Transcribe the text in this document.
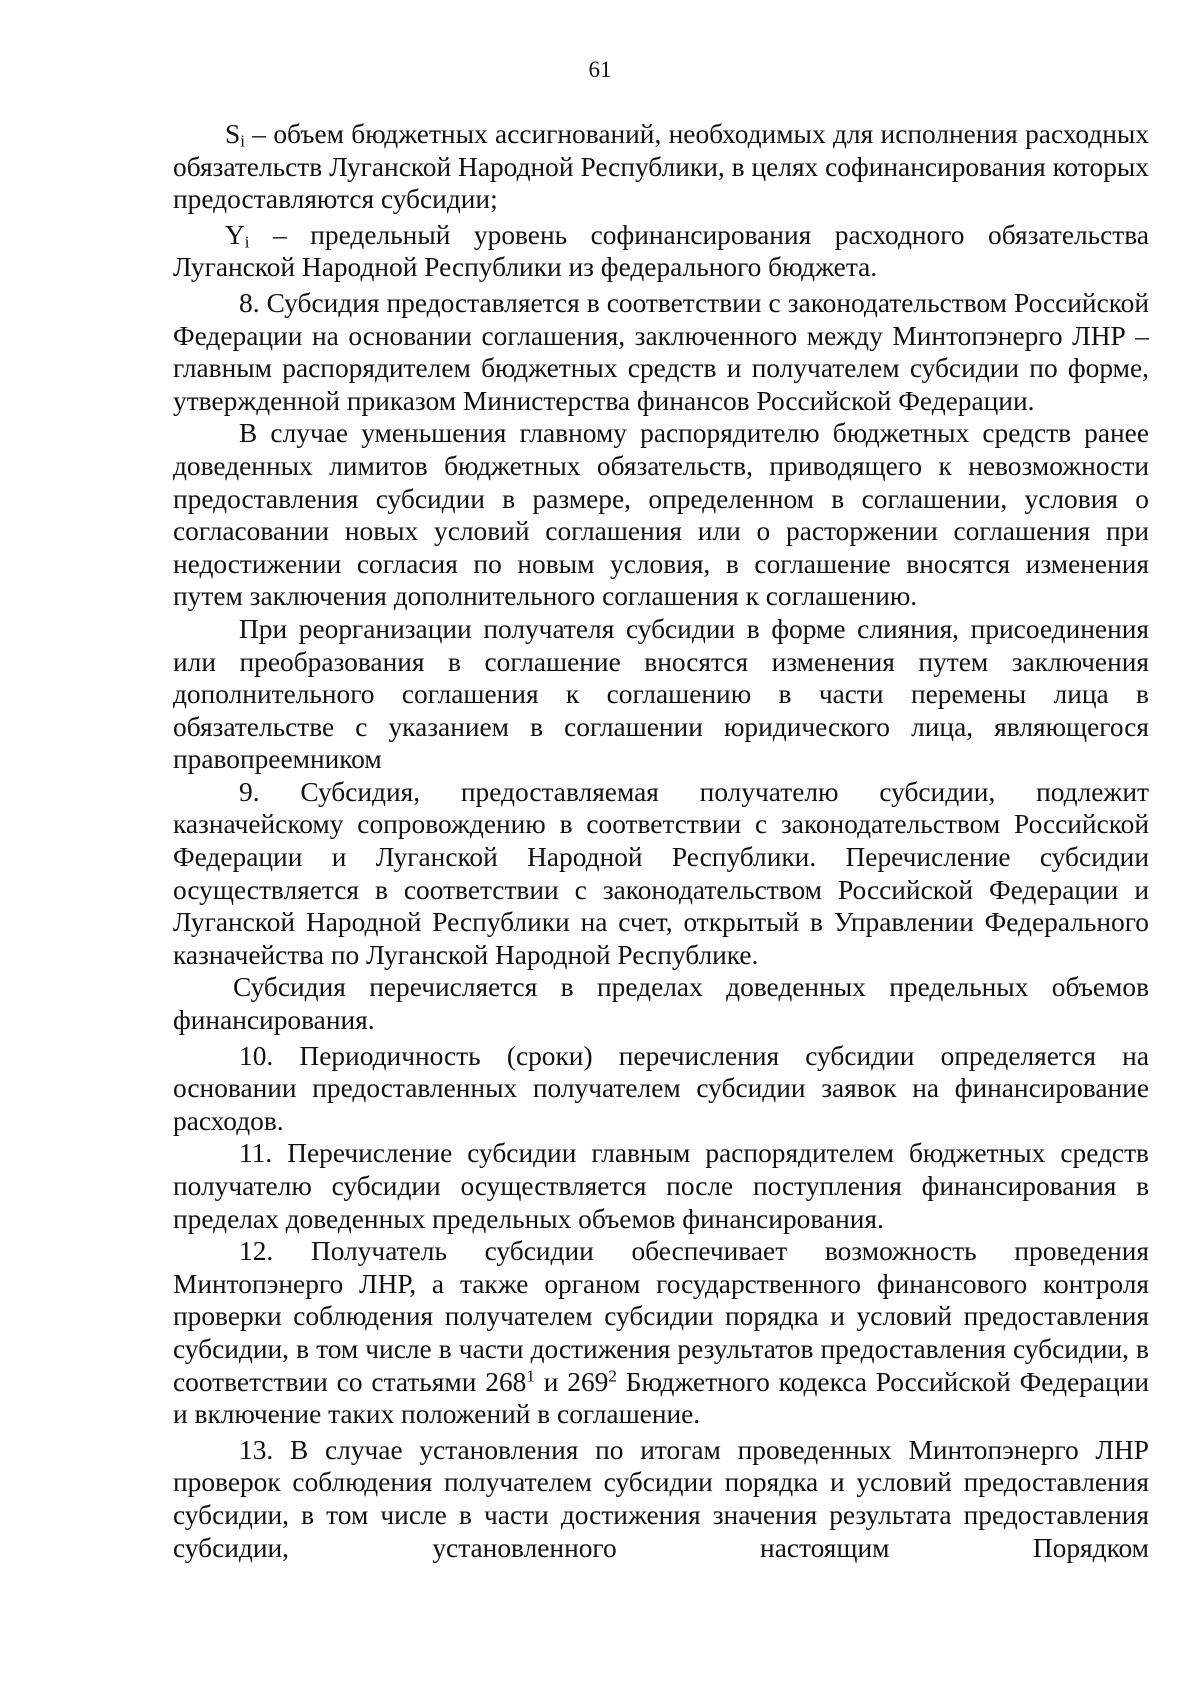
61

$S_i$ – объем бюджетных ассигнований, необходимых для исполнения расходных обязательств Луганской Народной Республики, в целях софинансирования которых предоставляются субсидии;

$Y_i$ – предельный уровень софинансирования расходного обязательства Луганской Народной Республики из федерального бюджета.

8. Субсидия предоставляется в соответствии с законодательством Российской Федерации на основании соглашения, заключенного между Минтопэнерго ЛНР – главным распорядителем бюджетных средств и получателем субсидии по форме, утвержденной приказом Министерства финансов Российской Федерации.

В случае уменьшения главному распорядителю бюджетных средств ранее доведенных лимитов бюджетных обязательств, приводящего к невозможности предоставления субсидии в размере, определенном в соглашении, условия о согласовании новых условий соглашения или о расторжении соглашения при недостижении согласия по новым условия, в соглашение вносятся изменения путем заключения дополнительного соглашения к соглашению.

При реорганизации получателя субсидии в форме слияния, присоединения или преобразования в соглашение вносятся изменения путем заключения дополнительного соглашения к соглашению в части перемены лица в обязательстве с указанием в соглашении юридического лица, являющегося правопреемником

9. Субсидия, предоставляемая получателю субсидии, подлежит казначейскому сопровождению в соответствии с законодательством Российской Федерации и Луганской Народной Республики. Перечисление субсидии осуществляется в соответствии с законодательством Российской Федерации и Луганской Народной Республики на счет, открытый в Управлении Федерального казначейства по Луганской Народной Республике.

Субсидия перечисляется в пределах доведенных предельных объемов финансирования.

10. Периодичность (сроки) перечисления субсидии определяется на основании предоставленных получателем субсидии заявок на финансирование расходов.

11. Перечисление субсидии главным распорядителем бюджетных средств получателю субсидии осуществляется после поступления финансирования в пределах доведенных предельных объемов финансирования.

12. Получатель субсидии обеспечивает возможность проведения Минтопэнерго ЛНР, а также органом государственного финансового контроля проверки соблюдения получателем субсидии порядка и условий предоставления субсидии, в том числе в части достижения результатов предоставления субсидии, в соответствии со статьями $268^1$ и $269^2$ Бюджетного кодекса Российской Федерации и включение таких положений в соглашение.

13. В случае установления по итогам проведенных Минтопэнерго ЛНР проверок соблюдения получателем субсидии порядка и условий предоставления субсидии, в том числе в части достижения значения результата предоставления субсидии, установленного настоящим Порядком
